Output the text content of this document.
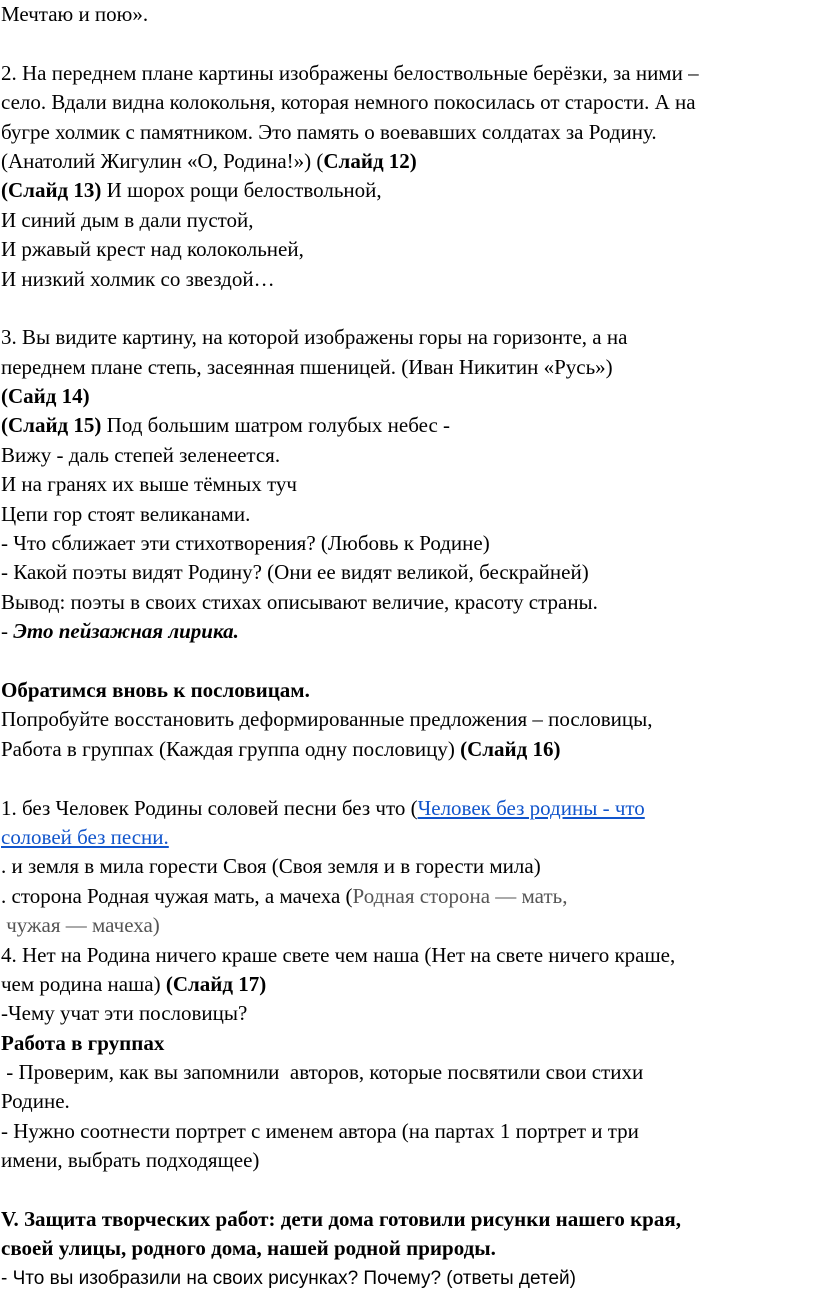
Мечтаю и пою».
2. На переднем плане картины изображены белоствольные берёзки, за ними –
село. Вдали видна колокольня, которая немного покосилась от старости. А на
бугре холмик с памятником. Это память о воевавших солдатах за Родину.
(Анатолий Жигулин «О, Родина!») (Слайд 12)
(Слайд 13) И шорох рощи белоствольной,
И синий дым в дали пустой,
И ржавый крест над колокольней,
И низкий холмик со звездой…
3. Вы видите картину, на которой изображены горы на горизонте, а на
переднем плане степь, засеянная пшеницей. (Иван Никитин «Русь»)
(Сайд 14)
(Слайд 15) Под большим шатром голубых небес -
Вижу - даль степей зеленеется.
И на гранях их выше тёмных туч
Цепи гор стоят великанами.
- Что сближает эти стихотворения? (Любовь к Родине)
- Какой поэты видят Родину? (Они ее видят великой, бескрайней)
Вывод: поэты в своих стихах описывают величие, красоту страны.
- Это пейзажная лирика.
Обратимся вновь к пословицам.
Попробуйте восстановить деформированные предложения – пословицы,
Работа в группах (Каждая группа одну пословицу) (Слайд 16)
1. без Человек Родины соловей песни без что (Человек без родины - что
соловей без песни.
. и земля в мила горести Своя (Своя земля и в горести мила)
. сторона Родная чужая мать, а мачеха (Родная сторона — мать,
чужая — мачеха)
4. Нет на Родина ничего краше свете чем наша (Нет на свете ничего краше,
чем родина наша) (Слайд 17)
-Чему учат эти пословицы?
Работа в группах
- Проверим, как вы запомнили  авторов, которые посвятили свои стихи
Родине.
- Нужно соотнести портрет с именем автора (на партах 1 портрет и три
имени, выбрать подходящее)
V. Защита творческих работ: дети дома готовили рисунки нашего края,
своей улицы, родного дома, нашей родной природы.
- Что вы изобразили на своих рисунках? Почему? (ответы детей)
